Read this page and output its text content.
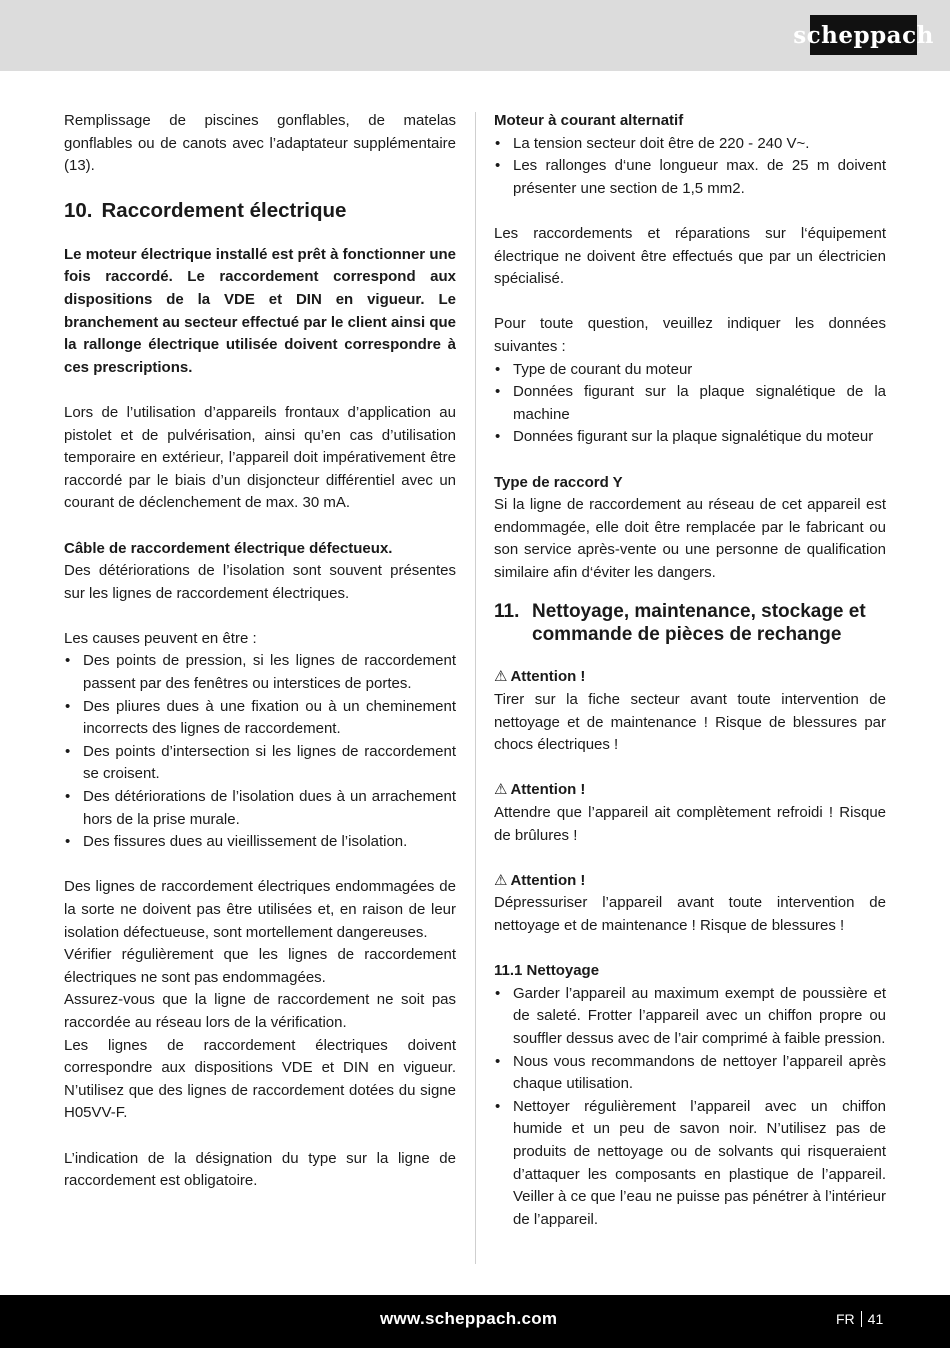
scheppach

Remplissage de piscines gonflables, de matelas gonflables ou de canots avec l’adaptateur supplémentaire (13).

10. Raccordement électrique

Le moteur électrique installé est prêt à fonctionner une fois raccordé. Le raccordement correspond aux dispositions de la VDE et DIN en vigueur. Le branchement au secteur effectué par le client ainsi que la rallonge électrique utilisée doivent correspondre à ces prescriptions.

Lors de l’utilisation d’appareils frontaux d’application au pistolet et de pulvérisation, ainsi qu’en cas d’utilisation temporaire en extérieur, l’appareil doit impérativement être raccordé par le biais d’un disjoncteur différentiel avec un courant de déclenchement de max. 30 mA.

Câble de raccordement électrique défectueux.

Des détériorations de l’isolation sont souvent présentes sur les lignes de raccordement électriques.

Les causes peuvent en être :

• Des points de pression, si les lignes de raccordement passent par des fenêtres ou interstices de portes.
• Des pliures dues à une fixation ou à un cheminement incorrects des lignes de raccordement.
• Des points d’intersection si les lignes de raccordement se croisent.
• Des détériorations de l’isolation dues à un arrachement hors de la prise murale.
• Des fissures dues au vieillissement de l’isolation.

Des lignes de raccordement électriques endommagées de la sorte ne doivent pas être utilisées et, en raison de leur isolation défectueuse, sont mortellement dangereuses.

Vérifier régulièrement que les lignes de raccordement électriques ne sont pas endommagées.

Assurez-vous que la ligne de raccordement ne soit pas raccordée au réseau lors de la vérification.

Les lignes de raccordement électriques doivent correspondre aux dispositions VDE et DIN en vigueur. N’utilisez que des lignes de raccordement dotées du signe H05VV-F.

L’indication de la désignation du type sur la ligne de raccordement est obligatoire.

Moteur à courant alternatif

• La tension secteur doit être de 220 - 240 V~.
• Les rallonges d‘une longueur max. de 25 m doivent présenter une section de 1,5 mm2.

Les raccordements et réparations sur l‘équipement électrique ne doivent être effectués que par un électricien spécialisé.

Pour toute question, veuillez indiquer les données suivantes :

• Type de courant du moteur
• Données figurant sur la plaque signalétique de la machine
• Données figurant sur la plaque signalétique du moteur

Type de raccord Y

Si la ligne de raccordement au réseau de cet appareil est endommagée, elle doit être remplacée par le fabricant ou son service après-vente ou une personne de qualification similaire afin d‘éviter les dangers.

11. Nettoyage, maintenance, stockage et commande de pièces de rechange

⚠ Attention !

Tirer sur la fiche secteur avant toute intervention de nettoyage et de maintenance ! Risque de blessures par chocs électriques !

⚠ Attention !

Attendre que l’appareil ait complètement refroidi ! Risque de brûlures !

⚠ Attention !

Dépressuriser l’appareil avant toute intervention de nettoyage et de maintenance ! Risque de blessures !

11.1 Nettoyage

• Garder l’appareil au maximum exempt de poussière et de saleté. Frotter l’appareil avec un chiffon propre ou souffler dessus avec de l’air comprimé à faible pression.
• Nous vous recommandons de nettoyer l’appareil après chaque utilisation.
• Nettoyer régulièrement l’appareil avec un chiffon humide et un peu de savon noir. N’utilisez pas de produits de nettoyage ou de solvants qui risqueraient d’attaquer les composants en plastique de l’appareil. Veiller à ce que l’eau ne puisse pas pénétrer à l’intérieur de l’appareil.
www.scheppach.com	FR 41
